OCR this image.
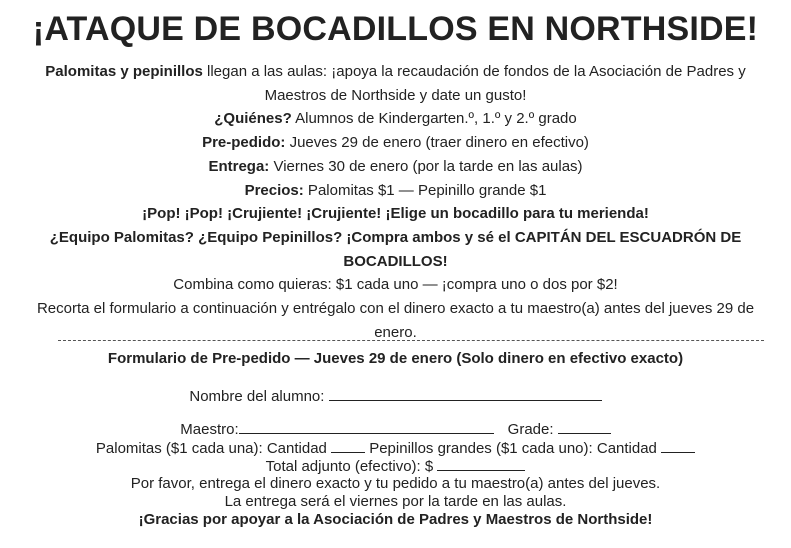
¡ATAQUE DE BOCADILLOS EN NORTHSIDE!

Palomitas y pepinillos llegan a las aulas: ¡apoya la recaudación de fondos de la Asociación de Padres y Maestros de Northside y date un gusto!

¿Quiénes? Alumnos de Kindergarten.º, 1.º y 2.º grado

Pre-pedido: Jueves 29 de enero (traer dinero en efectivo)

Entrega: Viernes 30 de enero (por la tarde en las aulas)

Precios: Palomitas $1 — Pepinillo grande $1

¡Pop! ¡Pop! ¡Crujiente! ¡Crujiente! ¡Elige un bocadillo para tu merienda!

¿Equipo Palomitas? ¿Equipo Pepinillos? ¡Compra ambos y sé el CAPITÁN DEL ESCUADRÓN DE BOCADILLOS!

Combina como quieras: $1 cada uno — ¡compra uno o dos por $2!

Recorta el formulario a continuación y entrégalo con el dinero exacto a tu maestro(a) antes del jueves 29 de enero.

Formulario de Pre-pedido — Jueves 29 de enero (Solo dinero en efectivo exacto)

Nombre del alumno:
Maestro:	Grade:
Palomitas ($1 cada una): Cantidad  Pepinillos grandes ($1 cada uno): Cantidad
Total adjunto (efectivo): $
Por favor, entrega el dinero exacto y tu pedido a tu maestro(a) antes del jueves.
La entrega será el viernes por la tarde en las aulas.
¡Gracias por apoyar a la Asociación de Padres y Maestros de Northside!
